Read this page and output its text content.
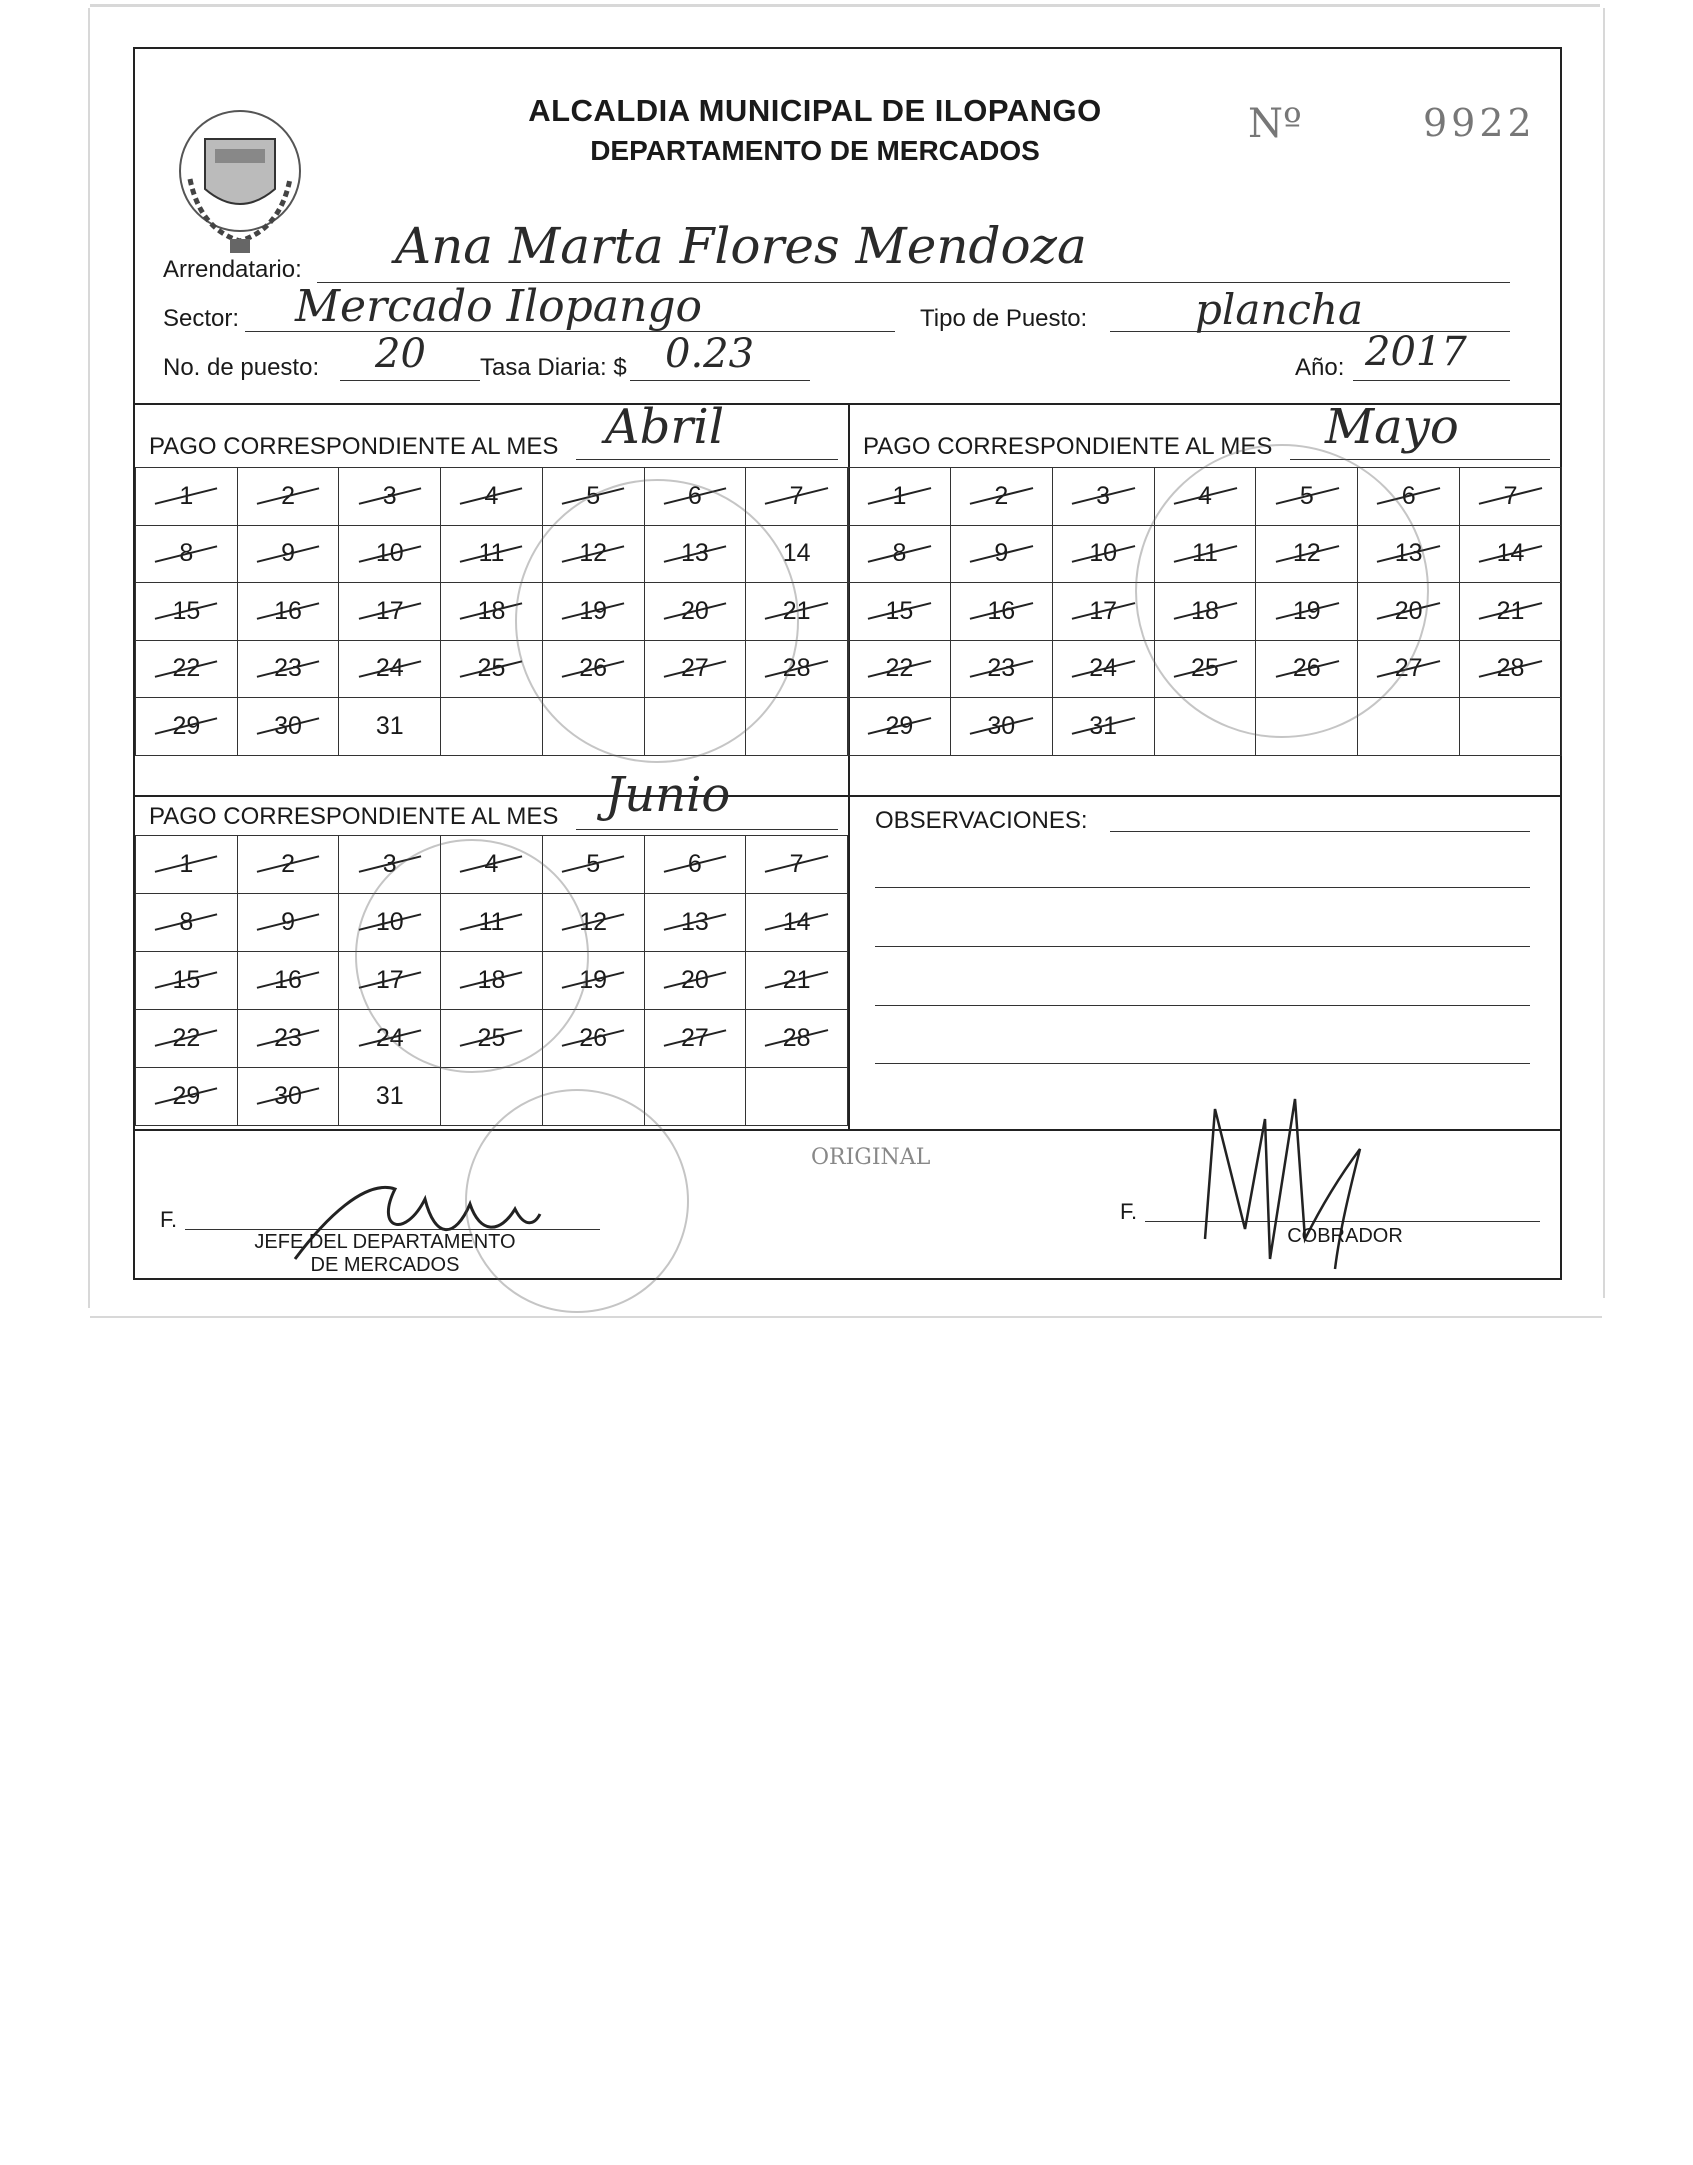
ALCALDIA MUNICIPAL DE ILOPANGO
DEPARTAMENTO DE MERCADOS
Nº	9922
Arrendatario: Ana Marta Flores Mendoza
Sector: Mercado Ilopango	Tipo de Puesto:	plancha
No. de puesto: 20 Tasa Diaria: $ 0.23	Año: 2017
PAGO CORRESPONDIENTE AL MES Abril
1	2	3	4	5	6	7
8	9	10	11	12	13	14
15	16	17	18	19	20	21
22	23	24	25	26	27	28
29	30	31				
PAGO CORRESPONDIENTE AL MES Mayo
1	2	3	4	5	6	7
8	9	10	11	12	13	14
15	16	17	18	19	20	21
22	23	24	25	26	27	28
29	30	31				
PAGO CORRESPONDIENTE AL MES Junio
1	2	3	4	5	6	7
8	9	10	11	12	13	14
15	16	17	18	19	20	21
22	23	24	25	26	27	28
29	30	31				
OBSERVACIONES:
ORIGINAL
F.
JEFE DEL DEPARTAMENTO
DE MERCADOS
F.
COBRADOR
